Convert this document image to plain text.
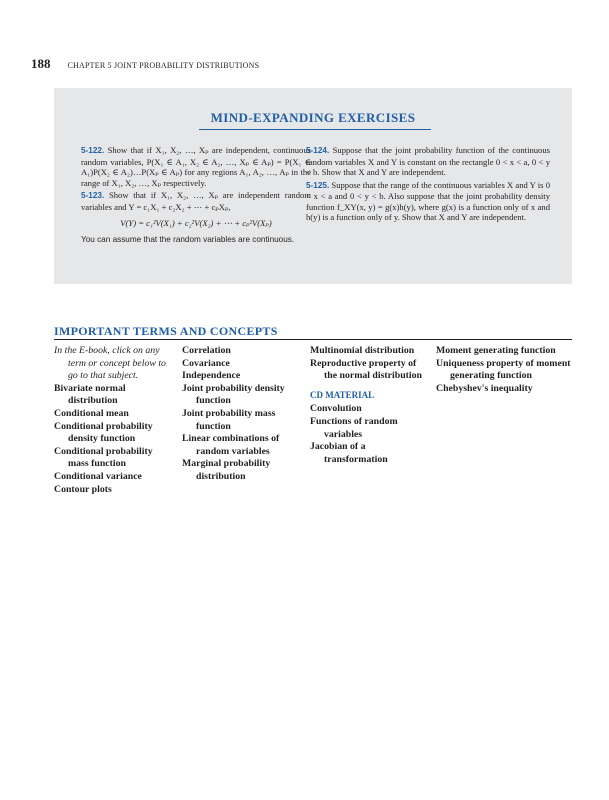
188 CHAPTER 5 JOINT PROBABILITY DISTRIBUTIONS
MIND-EXPANDING EXERCISES

5-122. Show that if X₁, X₂, …, Xₚ are independent, continuous random variables, P(X₁ ∈ A₁, X₂ ∈ A₂, …, Xₚ ∈ Aₚ) = P(X₁ ∈ A₁)P(X₂ ∈ A₂)…P(Xₚ ∈ Aₚ) for any regions A₁, A₂, …, Aₚ in the range of X₁, X₂, …, Xₚ respectively.

5-123. Show that if X₁, X₂, …, Xₚ are independent random variables and Y = c₁X₁ + c₂X₂ + ⋯ + cₚXₚ,

V(Y) = c₁²V(X₁) + c₂²V(X₂) + ⋯ + cₚ²V(Xₚ)
You can assume that the random variables are continuous.

5-124. Suppose that the joint probability function of the continuous random variables X and Y is constant on the rectangle 0 < x < a, 0 < y < b. Show that X and Y are independent.

5-125. Suppose that the range of the continuous variables X and Y is 0 < x < a and 0 < y < b. Also suppose that the joint probability density function f_XY(x, y) = g(x)h(y), where g(x) is a function only of x and h(y) is a function only of y. Show that X and Y are independent.

IMPORTANT TERMS AND CONCEPTS
In the E-book, click on any term or concept below to go to that subject.
Bivariate normal distribution
Conditional mean
Conditional probability density function
Conditional probability mass function
Conditional variance
Contour plots
Correlation
Covariance
Independence
Joint probability density function
Joint probability mass function
Linear combinations of random variables
Marginal probability distribution
Multinomial distribution
Reproductive property of the normal distribution
CD MATERIAL
Convolution
Functions of random variables
Jacobian of a transformation
Moment generating function
Uniqueness property of moment generating function
Chebyshev's inequality
